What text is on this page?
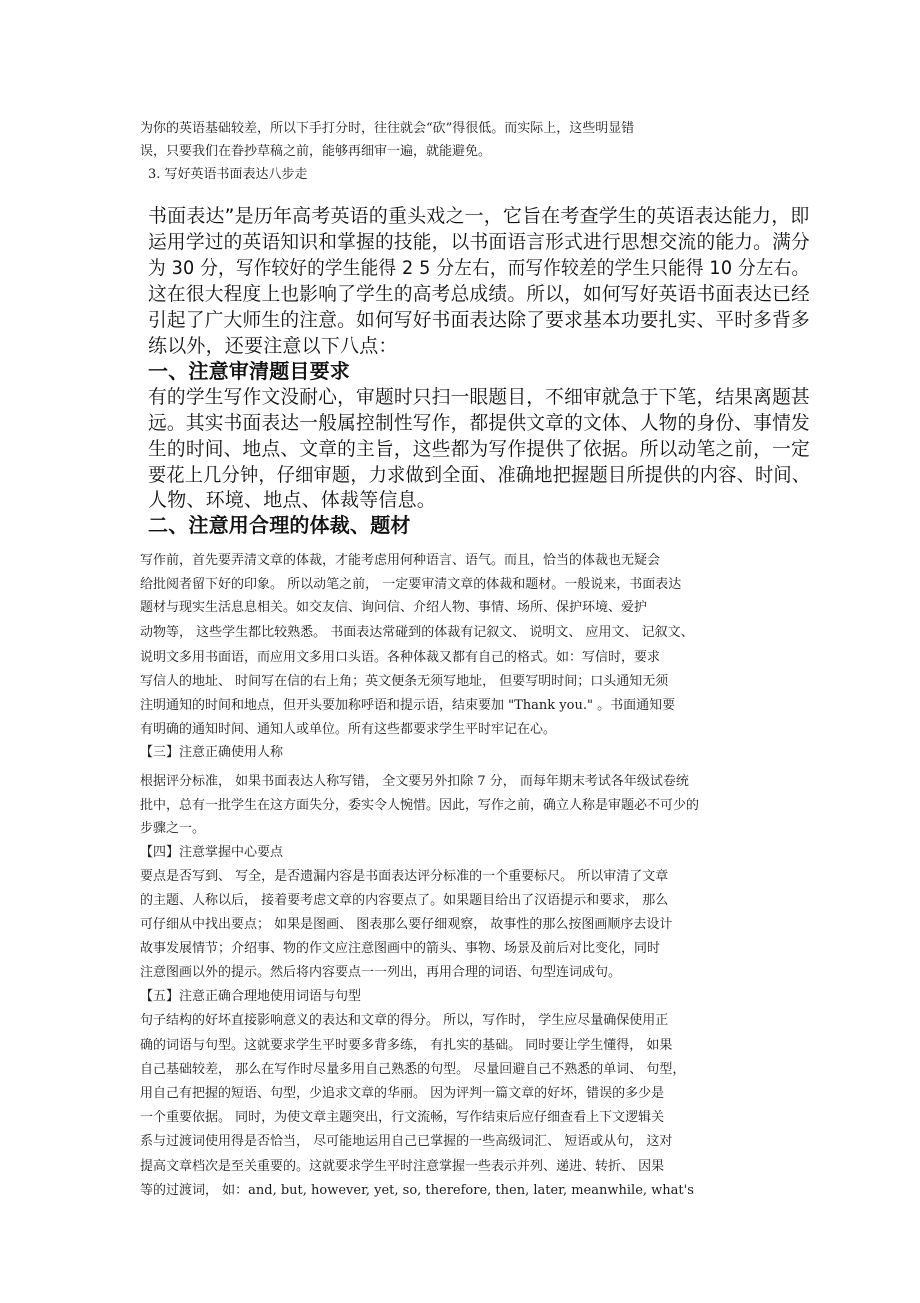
为你的英语基础较差，所以下手打分时，往往就会“砍”得很低。而实际上，这些明显错
误，只要我们在眷抄草稿之前，能够再细审一遍，就能避免。
3. 写好英语书面表达八步走
书面表达”是历年高考英语的重头戏之一，它旨在考查学生的英语表达能力，即
运用学过的英语知识和掌握的技能，以书面语言形式进行思想交流的能力。满分
为 30 分，写作较好的学生能得 2 5 分左右，而写作较差的学生只能得 10 分左右。
这在很大程度上也影响了学生的高考总成绩。所以，如何写好英语书面表达已经
引起了广大师生的注意。如何写好书面表达除了要求基本功要扎实、平时多背多
练以外，还要注意以下八点：
一、注意审清题目要求
有的学生写作文没耐心，审题时只扫一眼题目，不细审就急于下笔，结果离题甚
远。其实书面表达一般属控制性写作，都提供文章的文体、人物的身份、事情发
生的时间、地点、文章的主旨，这些都为写作提供了依据。所以动笔之前，一定
要花上几分钟，仔细审题，力求做到全面、准确地把握题目所提供的内容、时间、
人物、环境、地点、体裁等信息。
二、注意用合理的体裁、题材
写作前，首先要弄清文章的体裁，才能考虑用何种语言、语气。而且，恰当的体裁也无疑会
给批阅者留下好的印象。 所以动笔之前， 一定要审清文章的体裁和题材。一般说来，书面表达
题材与现实生活息息相关。如交友信、询问信、介绍人物、事情、场所、保护环境、爱护
动物等， 这些学生都比较熟悉。 书面表达常碰到的体裁有记叙文、 说明文、 应用文、 记叙文、
说明文多用书面语，而应用文多用口头语。各种体裁又都有自己的格式。如：写信时，要求
写信人的地址、 时间写在信的右上角；英文便条无须写地址， 但要写明时间；口头通知无须
注明通知的时间和地点，但开头要加称呼语和提示语，结束要加 "Thank you." 。书面通知要
有明确的通知时间、通知人或单位。所有这些都要求学生平时牢记在心。
【三】注意正确使用人称
根据评分标准， 如果书面表达人称写错， 全文要另外扣除 7 分， 而每年期末考试各年级试卷统
批中，总有一批学生在这方面失分，委实令人惋惜。因此，写作之前，确立人称是审题必不可少的
步骤之一。
【四】注意掌握中心要点
要点是否写到、 写全，是否遗漏内容是书面表达评分标准的一个重要标尺。 所以审清了文章
的主题、人称以后， 接着要考虑文章的内容要点了。如果题目给出了汉语提示和要求， 那么
可仔细从中找出要点； 如果是图画、 图表那么要仔细观察， 故事性的那么按图画顺序去设计
故事发展情节；介绍事、物的作文应注意图画中的箭头、事物、场景及前后对比变化，同时
注意图画以外的提示。然后将内容要点一一列出，再用合理的词语、句型连词成句。
【五】注意正确合理地使用词语与句型
句子结构的好坏直接影响意义的表达和文章的得分。 所以，写作时， 学生应尽量确保使用正
确的词语与句型。这就要求学生平时要多背多练， 有扎实的基础。 同时要让学生懂得， 如果
自己基础较差， 那么在写作时尽量多用自己熟悉的句型。 尽量回避自己不熟悉的单词、 句型，
用自己有把握的短语、句型，少追求文章的华丽。 因为评判一篇文章的好坏，错误的多少是
一个重要依据。 同时，为使文章主题突出，行文流畅，写作结束后应仔细查看上下文逻辑关
系与过渡词使用得是否恰当， 尽可能地运用自己已掌握的一些高级词汇、 短语或从句， 这对
提高文章档次是至关重要的。这就要求学生平时注意掌握一些表示并列、递进、转折、 因果
等的过渡词， 如：and, but, however, yet, so, therefore, then, later, meanwhile, what's
